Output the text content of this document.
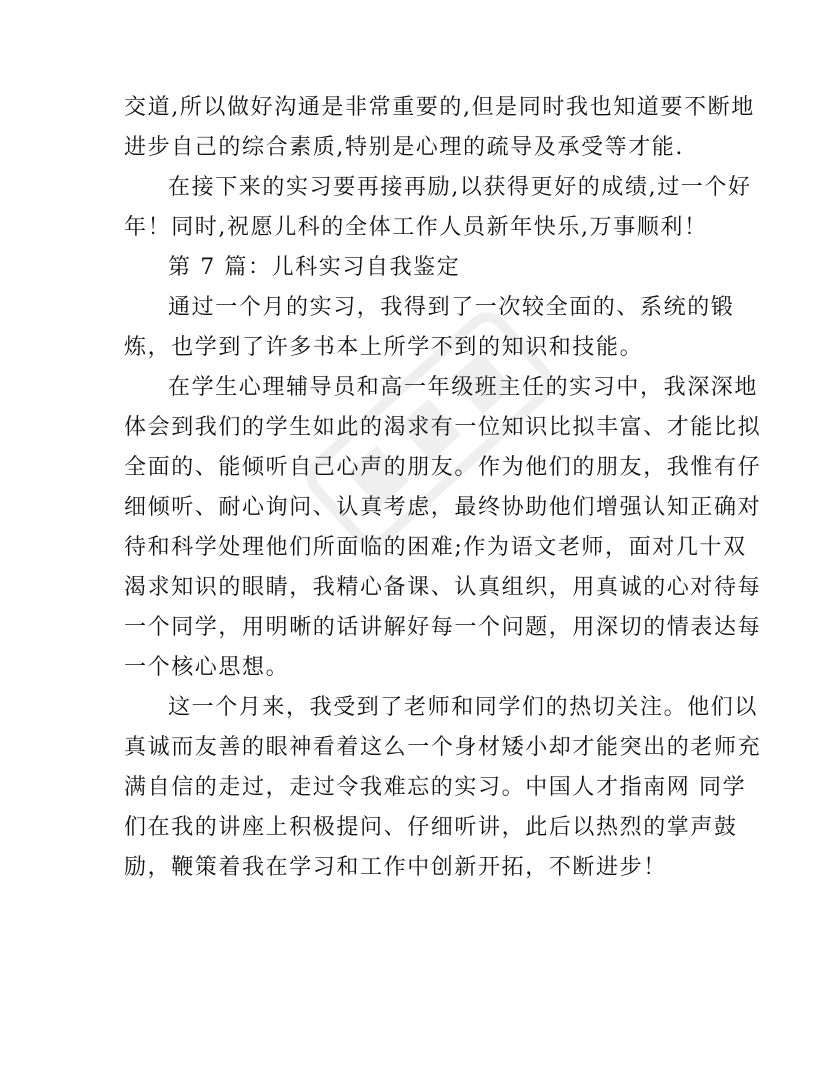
交道,所以做好沟通是非常重要的,但是同时我也知道要不断地
进步自己的综合素质,特别是心理的疏导及承受等才能.

在接下来的实习要再接再励,以获得更好的成绩,过一个好
年！同时,祝愿儿科的全体工作人员新年快乐,万事顺利！

第 7 篇：儿科实习自我鉴定

通过一个月的实习，我得到了一次较全面的、系统的锻
炼，也学到了许多书本上所学不到的知识和技能。

在学生心理辅导员和高一年级班主任的实习中，我深深地
体会到我们的学生如此的渴求有一位知识比拟丰富、才能比拟
全面的、能倾听自己心声的朋友。作为他们的朋友，我惟有仔
细倾听、耐心询问、认真考虑，最终协助他们增强认知正确对
待和科学处理他们所面临的困难;作为语文老师，面对几十双
渴求知识的眼睛，我精心备课、认真组织，用真诚的心对待每
一个同学，用明晰的话讲解好每一个问题，用深切的情表达每
一个核心思想。

这一个月来，我受到了老师和同学们的热切关注。他们以
真诚而友善的眼神看着这么一个身材矮小却才能突出的老师充
满自信的走过，走过令我难忘的实习。中国人才指南网 同学
们在我的讲座上积极提问、仔细听讲，此后以热烈的掌声鼓
励，鞭策着我在学习和工作中创新开拓，不断进步！
